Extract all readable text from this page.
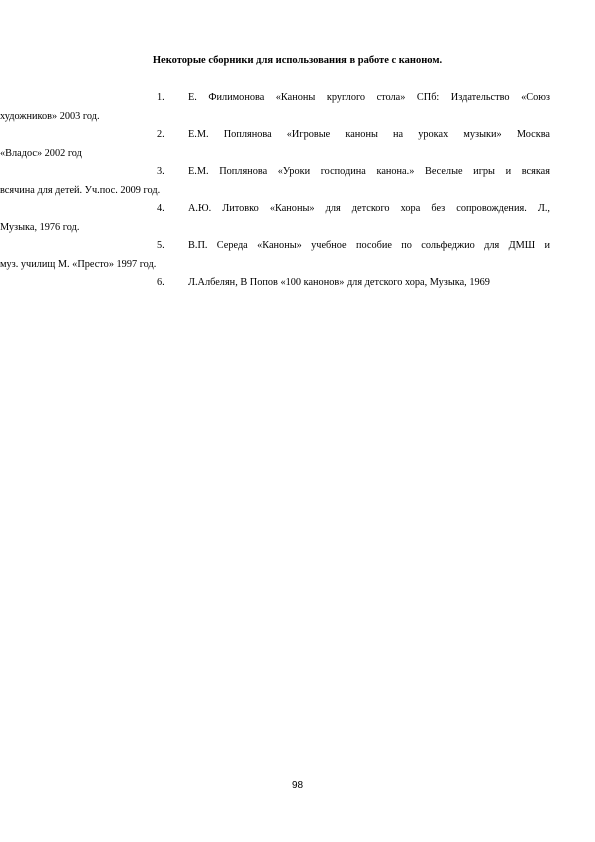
Некоторые сборники для использования в работе с каноном.
1. Е. Филимонова «Каноны круглого стола» СПб: Издательство «Союз
художников» 2003 год.
2. Е.М. Поплянова «Игровые каноны на уроках музыки» Москва
«Владос» 2002 год
3. Е.М. Поплянова «Уроки господина канона.» Веселые игры и всякая
всячина для детей. Уч.пос. 2009 год.
4. А.Ю. Литовко «Каноны» для детского хора без сопровождения. Л.,
Музыка, 1976 год.
5. В.П. Середа «Каноны» учебное пособие по сольфеджио для ДМШ и
муз. училищ М. «Престо» 1997 год.
6. Л.Албелян, В Попов «100 канонов» для детского хора, Музыка, 1969
98
